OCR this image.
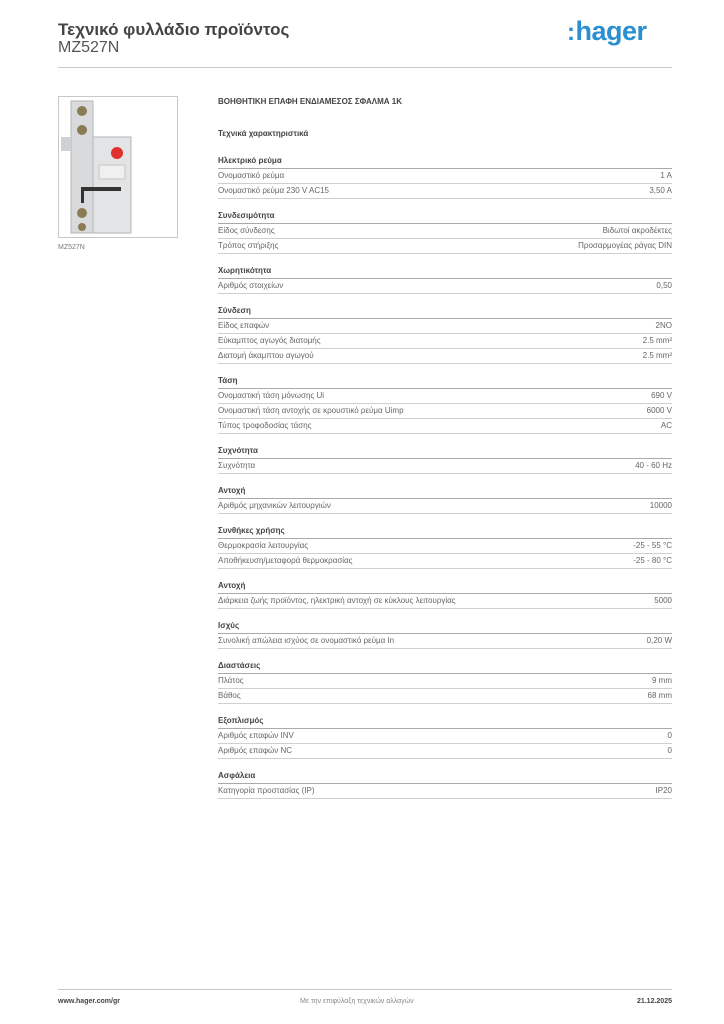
Τεχνικό φυλλάδιο προϊόντος
MZ527N
:hager
MZ527N
ΒΟΗΘΗΤΙΚΗ ΕΠΑΦΗ ΕΝΔΙΑΜΕΣΟΣ ΣΦΑΛΜΑ 1Κ
Τεχνικά χαρακτηριστικά
Ηλεκτρικό ρεύμα
Ονομαστικό ρεύμα	1 A
Ονομαστικό ρεύμα 230 V AC15	3,50 A
Συνδεσιμότητα
Είδος σύνδεσης	Βιδωτοί ακροδέκτες
Τρόπος στήριξης	Προσαρμογέας ράγας DIN
Χωρητικότητα
Αριθμός στοιχείων	0,50
Σύνδεση
Είδος επαφών	2NO
Εύκαμπτος αγωγός διατομής	2.5 mm²
Διατομή άκαμπτου αγωγού	2.5 mm²
Τάση
Ονομαστική τάση μόνωσης Ui	690 V
Ονομαστική τάση αντοχής σε κρουστικό ρεύμα Uimp	6000 V
Τύπος τροφοδοσίας τάσης	AC
Συχνότητα
Συχνότητα	40 - 60 Hz
Αντοχή
Αριθμός μηχανικών λειτουργιών	10000
Συνθήκες χρήσης
Θερμοκρασία λειτουργίας	-25 - 55 °C
Αποθήκευση/μεταφορά θερμοκρασίας	-25 - 80 °C
Αντοχή
Διάρκεια ζωής προϊόντος, ηλεκτρική αντοχή σε κύκλους λειτουργίας	5000
Ισχύς
Συνολική απώλεια ισχύος σε ονομαστικό ρεύμα In	0,20 W
Διαστάσεις
Πλάτος	9 mm
Βάθος	68 mm
Εξοπλισμός
Αριθμός επαφών INV	0
Αριθμός επαφών NC	0
Ασφάλεια
Κατηγορία προστασίας (IP)	IP20
www.hager.com/gr	Με την επιφύλαξη τεχνικών αλλαγών	21.12.2025
